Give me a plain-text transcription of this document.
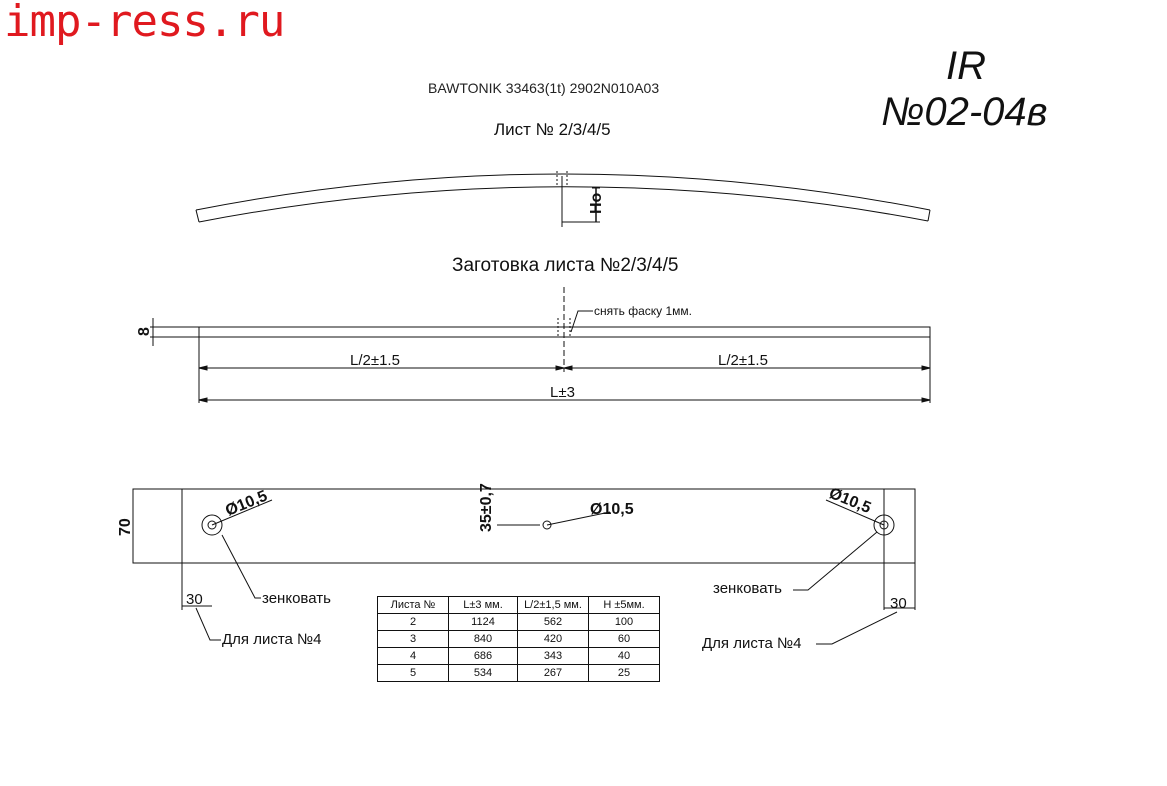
imp-ress.ru
IR
№02-04в
BAWTONIK 33463(1t) 2902N010A03
Лист № 2/3/4/5
Заготовка листа №2/3/4/5
Ho
8
снять фаску 1мм.
L/2±1.5	L/2±1.5
L±3
70	35±0,7
Ø10,5	Ø10,5	Ø10,5
30	30
зенковать
зенковать
Для листа №4	Для листа №4
Листа №	L±3 мм.	L/2±1,5 мм.	H ±5мм.
2	1124	562	100
3	840	420	60
4	686	343	40
5	534	267	25
